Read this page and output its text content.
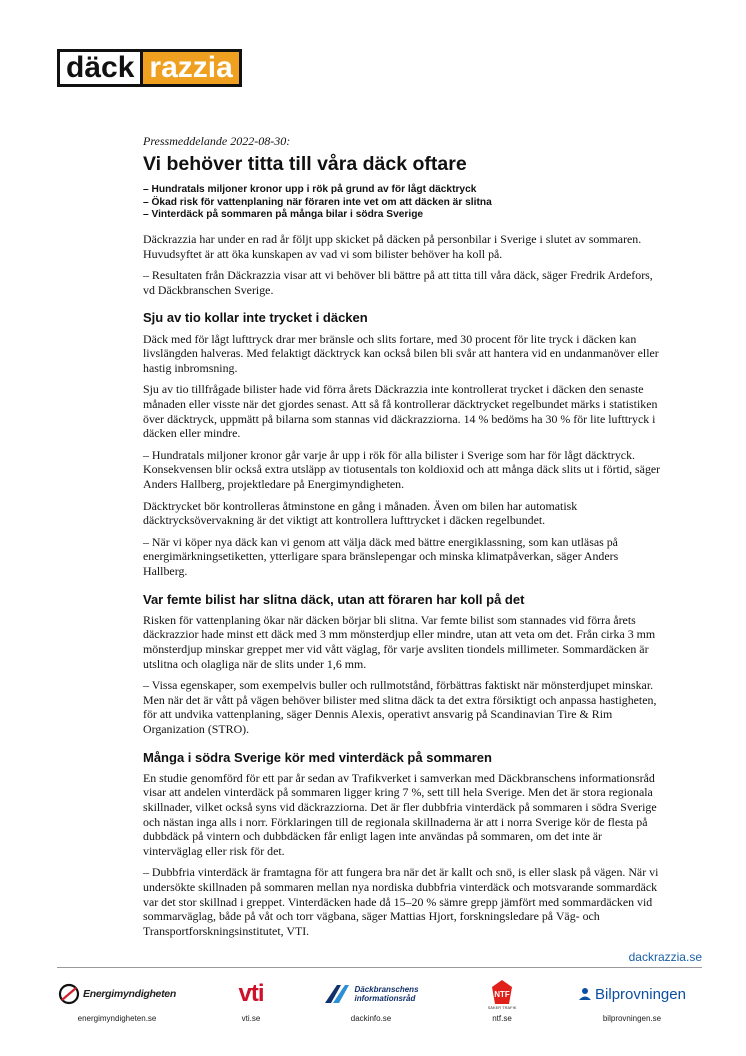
däck razzia
Pressmeddelande 2022-08-30:
Vi behöver titta till våra däck oftare
– Hundratals miljoner kronor upp i rök på grund av för lågt däcktryck
– Ökad risk för vattenplaning när föraren inte vet om att däcken är slitna
– Vinterdäck på sommaren på många bilar i södra Sverige

Däckrazzia har under en rad år följt upp skicket på däcken på personbilar i Sverige i slutet av sommaren. Huvudsyftet är att öka kunskapen av vad vi som bilister behöver ha koll på.

– Resultaten från Däckrazzia visar att vi behöver bli bättre på att titta till våra däck, säger Fredrik Ardefors, vd Däckbranschen Sverige.

Sju av tio kollar inte trycket i däcken

Däck med för lågt lufttryck drar mer bränsle och slits fortare, med 30 procent för lite tryck i däcken kan livslängden halveras. Med felaktigt däcktryck kan också bilen bli svår att hantera vid en undanmanöver eller hastig inbromsning.

Sju av tio tillfrågade bilister hade vid förra årets Däckrazzia inte kontrollerat trycket i däcken den senaste månaden eller visste när det gjordes senast. Att så få kontrollerar däcktrycket regelbundet märks i statistiken över däcktryck, uppmätt på bilarna som stannas vid däckrazziorna. 14 % bedöms ha 30 % för lite lufttryck i däcken eller mindre.

– Hundratals miljoner kronor går varje år upp i rök för alla bilister i Sverige som har för lågt däcktryck. Konsekvensen blir också extra utsläpp av tiotusentals ton koldioxid och att många däck slits ut i förtid, säger Anders Hallberg, projektledare på Energimyndigheten.

Däcktrycket bör kontrolleras åtminstone en gång i månaden. Även om bilen har automatisk däcktrycksövervakning är det viktigt att kontrollera lufttrycket i däcken regelbundet.

– När vi köper nya däck kan vi genom att välja däck med bättre energiklassning, som kan utläsas på energimärkningsetiketten, ytterligare spara bränslepengar och minska klimatpåverkan, säger Anders Hallberg.

Var femte bilist har slitna däck, utan att föraren har koll på det

Risken för vattenplaning ökar när däcken börjar bli slitna. Var femte bilist som stannades vid förra årets däckrazzior hade minst ett däck med 3 mm mönsterdjup eller mindre, utan att veta om det. Från cirka 3 mm mönsterdjup minskar greppet mer vid vått väglag, för varje avsliten tiondels millimeter. Sommardäcken är utslitna och olagliga när de slits under 1,6 mm.

– Vissa egenskaper, som exempelvis buller och rullmotstånd, förbättras faktiskt när mönsterdjupet minskar. Men när det är vått på vägen behöver bilister med slitna däck ta det extra försiktigt och anpassa hastigheten, för att undvika vattenplaning, säger Dennis Alexis, operativt ansvarig på Scandinavian Tire & Rim Organization (STRO).

Många i södra Sverige kör med vinterdäck på sommaren

En studie genomförd för ett par år sedan av Trafikverket i samverkan med Däckbranschens informationsråd visar att andelen vinterdäck på sommaren ligger kring 7 %, sett till hela Sverige. Men det är stora regionala skillnader, vilket också syns vid däckrazziorna. Det är fler dubbfria vinterdäck på sommaren i södra Sverige och nästan inga alls i norr. Förklaringen till de regionala skillnaderna är att i norra Sverige kör de flesta på dubbdäck på vintern och dubbdäcken får enligt lagen inte användas på sommaren, om det inte är vinterväglag eller risk för det.

– Dubbfria vinterdäck är framtagna för att fungera bra när det är kallt och snö, is eller slask på vägen. När vi undersökte skillnaden på sommaren mellan nya nordiska dubbfria vinterdäck och motsvarande sommardäck var det stor skillnad i greppet. Vinterdäcken hade då 15–20 % sämre grepp jämfört med sommardäcken vid sommarväglag, både på våt och torr vägbana, säger Mattias Hjort, forskningsledare på Väg- och Transportforskningsinstitutet, VTI.

dackrazzia.se
Energimyndigheten
energimyndigheten.se
vti
vti.se
Däckbranschens
informationsråd
dackinfo.se
NTF
SÄKER TRAFIK
ntf.se
Bilprovningen
bilprovningen.se
